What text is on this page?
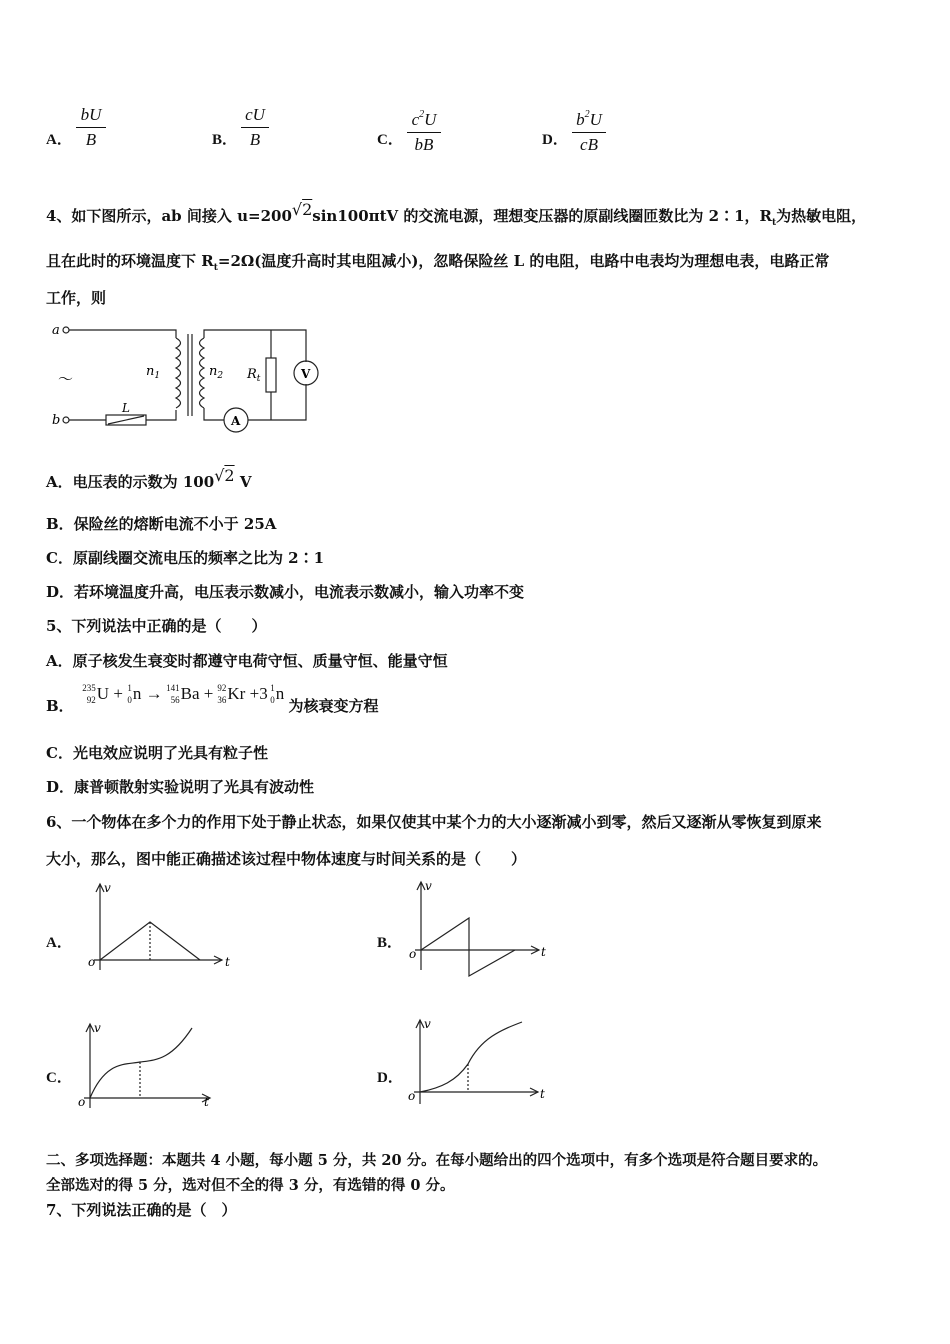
A．
bU
B	B．
cU
B	C．
$c^2U$
bB	D．
$b^2U$
cB
4、如下图所示，ab 间接入 u=200√2sin100πtV 的交流电源，理想变压器的原副线圈匝数比为 2∶1，$R_t$为热敏电阻，
且在此时的环境温度下 $R_t=2\Omega$(温度升高时其电阻减小)，忽略保险丝 L 的电阻，电路中电表均为理想电表，电路正常
工作，则
a
b
～	$n_1$	$n_2$ $R_t$	V
A
L
A．电压表的示数为 100√2 V
B．保险丝的熔断电流不小于 25A
C．原副线圈交流电压的频率之比为 2∶1
D．若环境温度升高，电压表示数减小，电流表示数减小，输入功率不变
5、下列说法中正确的是（　　）
A．原子核发生衰变时都遵守电荷守恒、质量守恒、能量守恒
B．
235
92 U + 1
0 n → 141
56 Ba + 92
36 Kr +3 1
0 n 为核衰变方程
C．光电效应说明了光具有粒子性
D．康普顿散射实验说明了光具有波动性
6、一个物体在多个力的作用下处于静止状态，如果仅使其中某个力的大小逐渐减小到零，然后又逐渐从零恢复到原来
大小，那么，图中能正确描述该过程中物体速度与时间关系的是（　　）
A．
v
t
o
B．
v
t
o
C．
v
t
o
D．
v
t
o
二、多项选择题：本题共 4 小题，每小题 5 分，共 20 分。在每小题给出的四个选项中，有多个选项是符合题目要求的。
全部选对的得 5 分，选对但不全的得 3 分，有选错的得 0 分。
7、下列说法正确的是（　）
